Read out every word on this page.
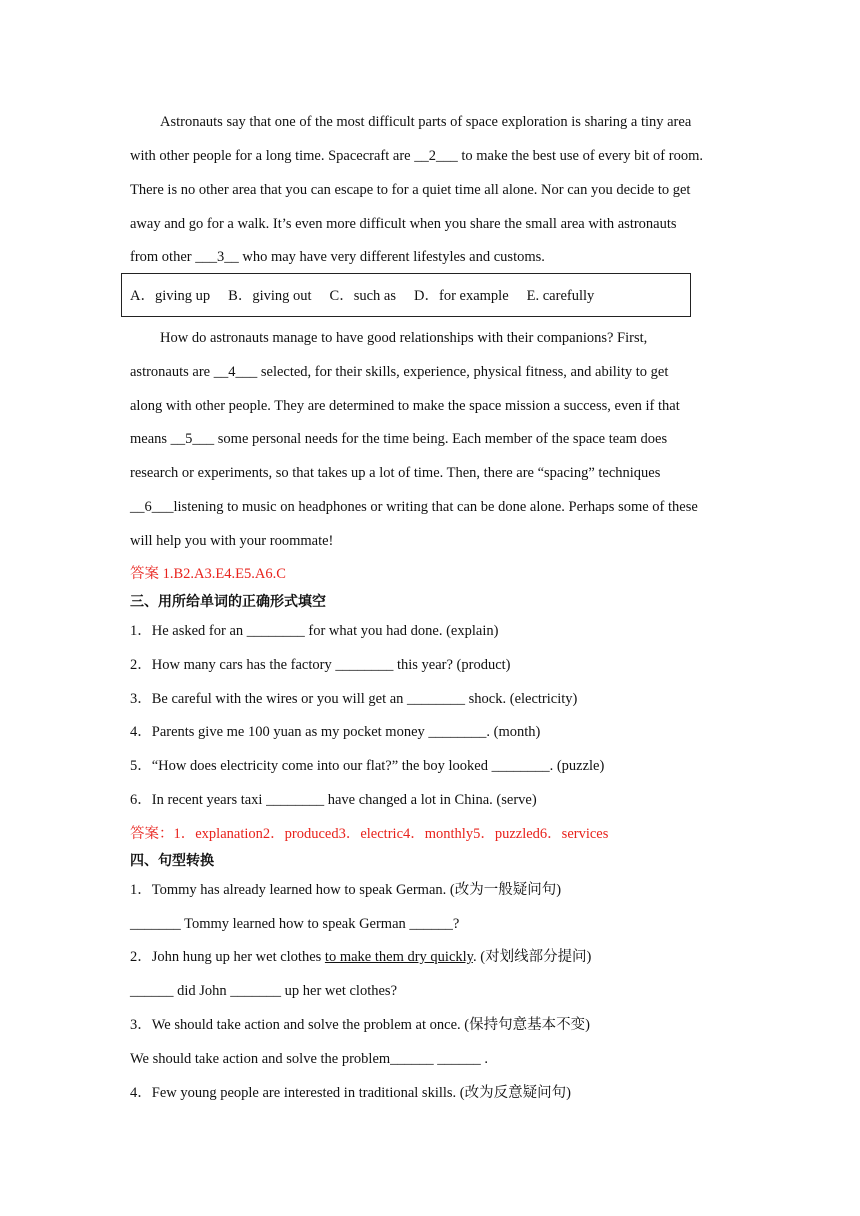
Astronauts say that one of the most difficult parts of space exploration is sharing a tiny area
with other people for a long time. Spacecraft are __2___ to make the best use of every bit of room.
There is no other area that you can escape to for a quiet time all alone. Nor can you decide to get
away and go for a walk. It’s even more difficult when you share the small area with astronauts
from other ___3__ who may have very different lifestyles and customs.
A．giving up B．giving out C．such as D．for example E. carefully
How do astronauts manage to have good relationships with their companions? First,
astronauts are __4___ selected, for their skills, experience, physical fitness, and ability to get
along with other people. They are determined to make the space mission a success, even if that
means __5___ some personal needs for the time being. Each member of the space team does
research or experiments, so that takes up a lot of time. Then, there are “spacing” techniques
__6___listening to music on headphones or writing that can be done alone. Perhaps some of these
will help you with your roommate!
答案 1.B2.A3.E4.E5.A6.C
三、用所给单词的正确形式填空
1．He asked for an ________ for what you had done. (explain)
2．How many cars has the factory ________ this year? (product)
3．Be careful with the wires or you will get an ________ shock. (electricity)
4．Parents give me 100 yuan as my pocket money ________. (month)
5．“How does electricity come into our flat?” the boy looked ________. (puzzle)
6．In recent years taxi ________ have changed a lot in China. (serve)
答案：1．explanation2．produced3．electric4．monthly5．puzzled6．services
四、句型转换
1．Tommy has already learned how to speak German. (改为一般疑问句)
_______ Tommy learned how to speak German ______?
2．John hung up her wet clothes to make them dry quickly. (对划线部分提问)
______ did John _______ up her wet clothes?
3．We should take action and solve the problem at once. (保持句意基本不变)
We should take action and solve the problem______ ______ .
4．Few young people are interested in traditional skills. (改为反意疑问句)
